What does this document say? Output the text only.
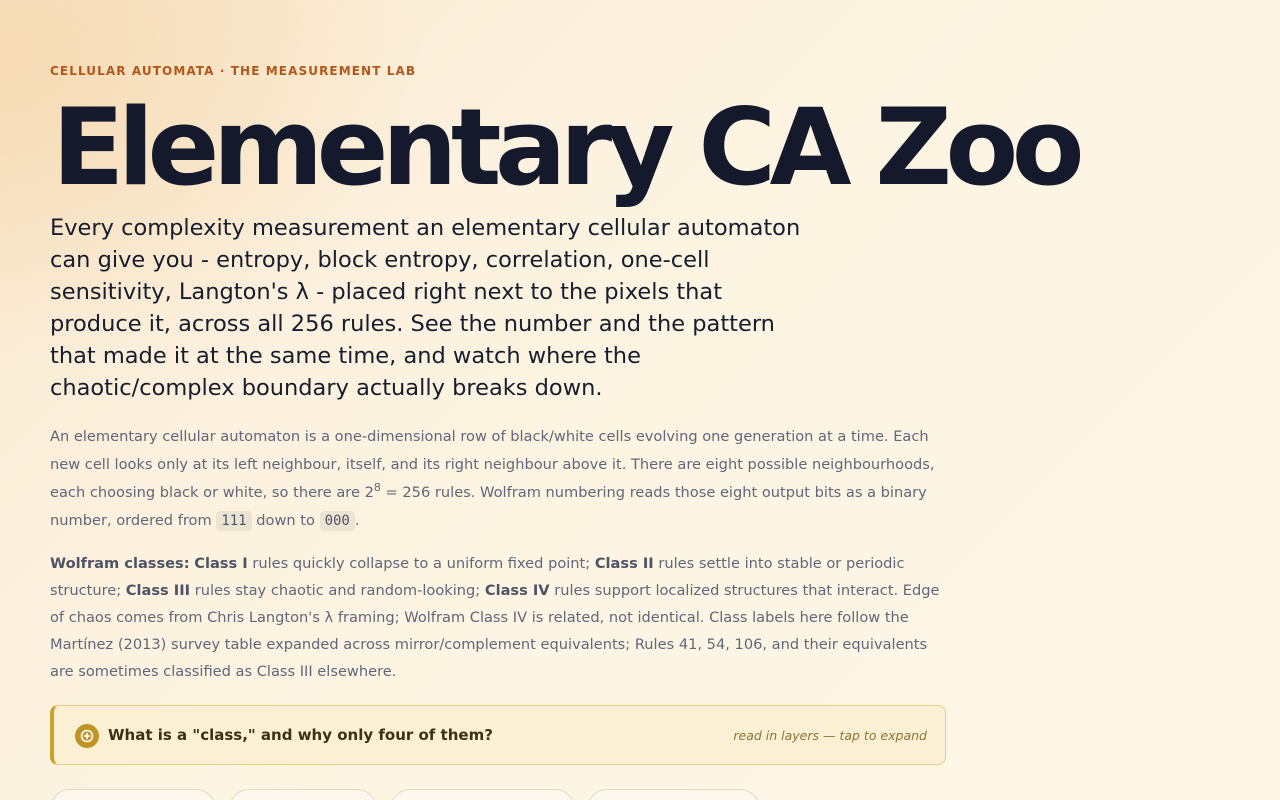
CELLULAR AUTOMATA · THE MEASUREMENT LAB
Elementary CA Zoo

Every complexity measurement an elementary cellular automaton can give you - entropy, block entropy, correlation, one-cell sensitivity, Langton's λ - placed right next to the pixels that produce it, across all 256 rules. See the number and the pattern that made it at the same time, and watch where the chaotic/complex boundary actually breaks down.

An elementary cellular automaton is a one-dimensional row of black/white cells evolving one generation at a time. Each new cell looks only at its left neighbour, itself, and its right neighbour above it. There are eight possible neighbourhoods, each choosing black or white, so there are $2^8 = 256$ rules. Wolfram numbering reads those eight output bits as a binary number, ordered from 111 down to 000 .

Wolfram classes: Class I rules quickly collapse to a uniform fixed point; Class II rules settle into stable or periodic structure; Class III rules stay chaotic and random-looking; Class IV rules support localized structures that interact. Edge of chaos comes from Chris Langton's λ framing; Wolfram Class IV is related, not identical. Class labels here follow the Martínez (2013) survey table expanded across mirror/complement equivalents; Rules 41, 54, 106, and their equivalents are sometimes classified as Class III elsewhere.

What is a "class," and why only four of them?	read in layers — tap to expand
